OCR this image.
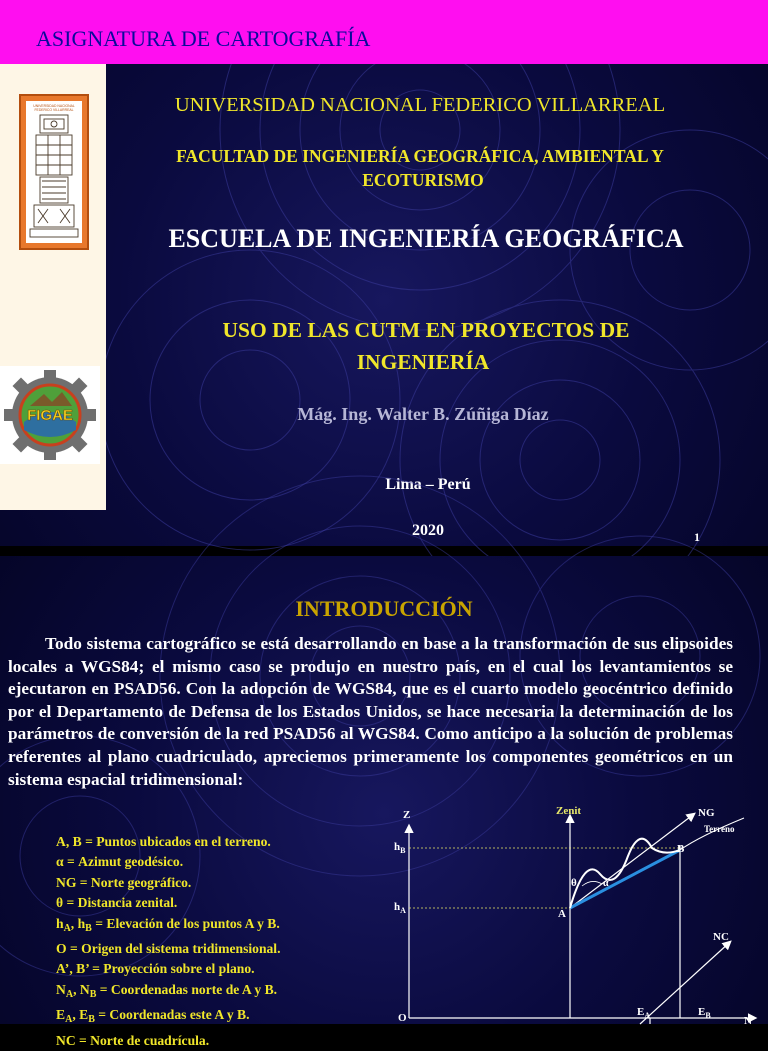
ASIGNATURA DE CARTOGRAFÍA
UNIVERSIDAD NACIONAL
FEDERICO VILLARREAL
FIGAE
UNIVERSIDAD NACIONAL FEDERICO VILLARREAL
FACULTAD DE INGENIERÍA GEOGRÁFICA, AMBIENTAL Y
ECOTURISMO
ESCUELA DE INGENIERÍA GEOGRÁFICA
USO DE LAS CUTM EN PROYECTOS DE
INGENIERÍA
Mág. Ing. Walter B. Zúñiga Díaz
Lima – Perú
2020	1
INTRODUCCIÓN

Todo sistema cartográfico se está desarrollando en base a la transformación de sus elipsoides locales a WGS84; el mismo caso se produjo en nuestro país, en el cual los levantamientos se ejecutaron en PSAD56. Con la adopción de WGS84, que es el cuarto modelo geocéntrico definido por el Departamento de Defensa de los Estados Unidos, se hace necesaria la determinación de los parámetros de conversión de la red PSAD56 al WGS84. Como anticipo a la solución de problemas referentes al plano cuadriculado, apreciemos primeramente los componentes geométricos en un sistema espacial tridimensional:

A, B = Puntos ubicados en el terreno.
α = Azimut geodésico.
NG = Norte geográfico.
θ = Distancia zenital.
$h_A$, $h_B$ = Elevación de los puntos A y B.
O = Origen del sistema tridimensional.
A’, B’ = Proyección sobre el plano.
$N_A$, $N_B$ = Coordenadas norte de A y B.
$E_A$, $E_B$ = Coordenadas este A y B.
NC = Norte de cuadrícula.
Z	Zenit	NG
Terreno
$h_B$
$h_A$
B
A
θ	α
NC
O	$E_A$	$E_B$	N
